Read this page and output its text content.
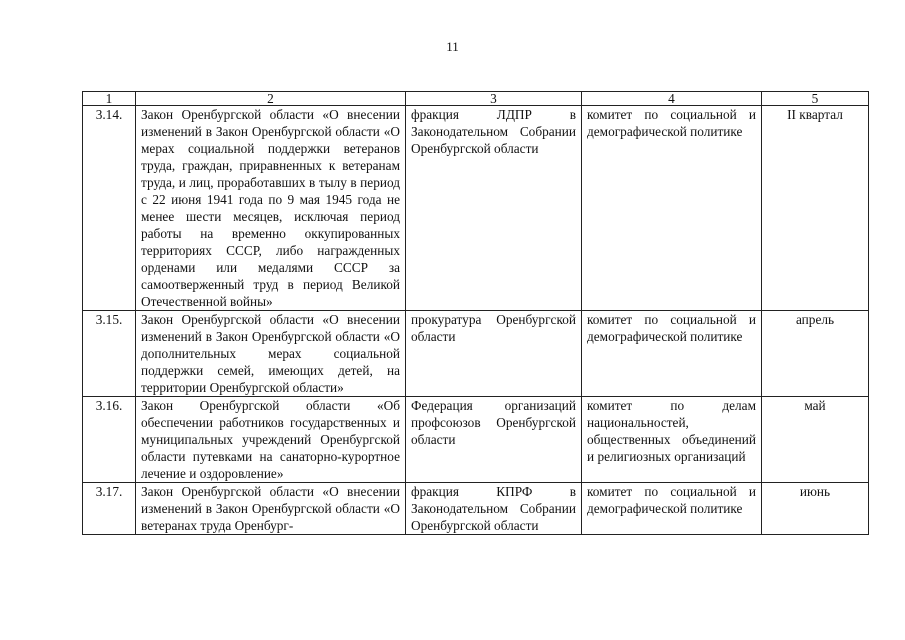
11
1	2	3	4	5
3.14.	Закон Оренбургской области «О внесении изменений в Закон Оренбургской области «О мерах социальной поддержки ветеранов труда, граждан, приравненных к ветеранам труда, и лиц, проработавших в тылу в период с 22 июня 1941 года по 9 мая 1945 года не менее шести месяцев, исключая период работы на временно оккупированных территориях СССР, либо награжденных орденами или медалями СССР за самоотверженный труд в период Великой Отечественной войны»	фракция ЛДПР в Законодательном Собрании Оренбургской области	комитет по социальной и демографической политике	II квартал
3.15.	Закон Оренбургской области «О внесении изменений в Закон Оренбургской области «О дополнительных мерах социальной поддержки семей, имеющих детей, на территории Оренбургской области»	прокуратура Оренбургской области	комитет по социальной и демографической политике	апрель
3.16.	Закон Оренбургской области «Об обеспечении работников государственных и муниципальных учреждений Оренбургской области путевками на санаторно-курортное лечение и оздоровление»	Федерация организаций профсоюзов Оренбургской области	комитет по делам национальностей, общественных объединений и религиозных организаций	май
3.17.	Закон Оренбургской области «О внесении изменений в Закон Оренбургской области «О ветеранах труда Оренбург-	фракция КПРФ в Законодательном Собрании Оренбургской области	комитет по социальной и демографической политике	июнь
